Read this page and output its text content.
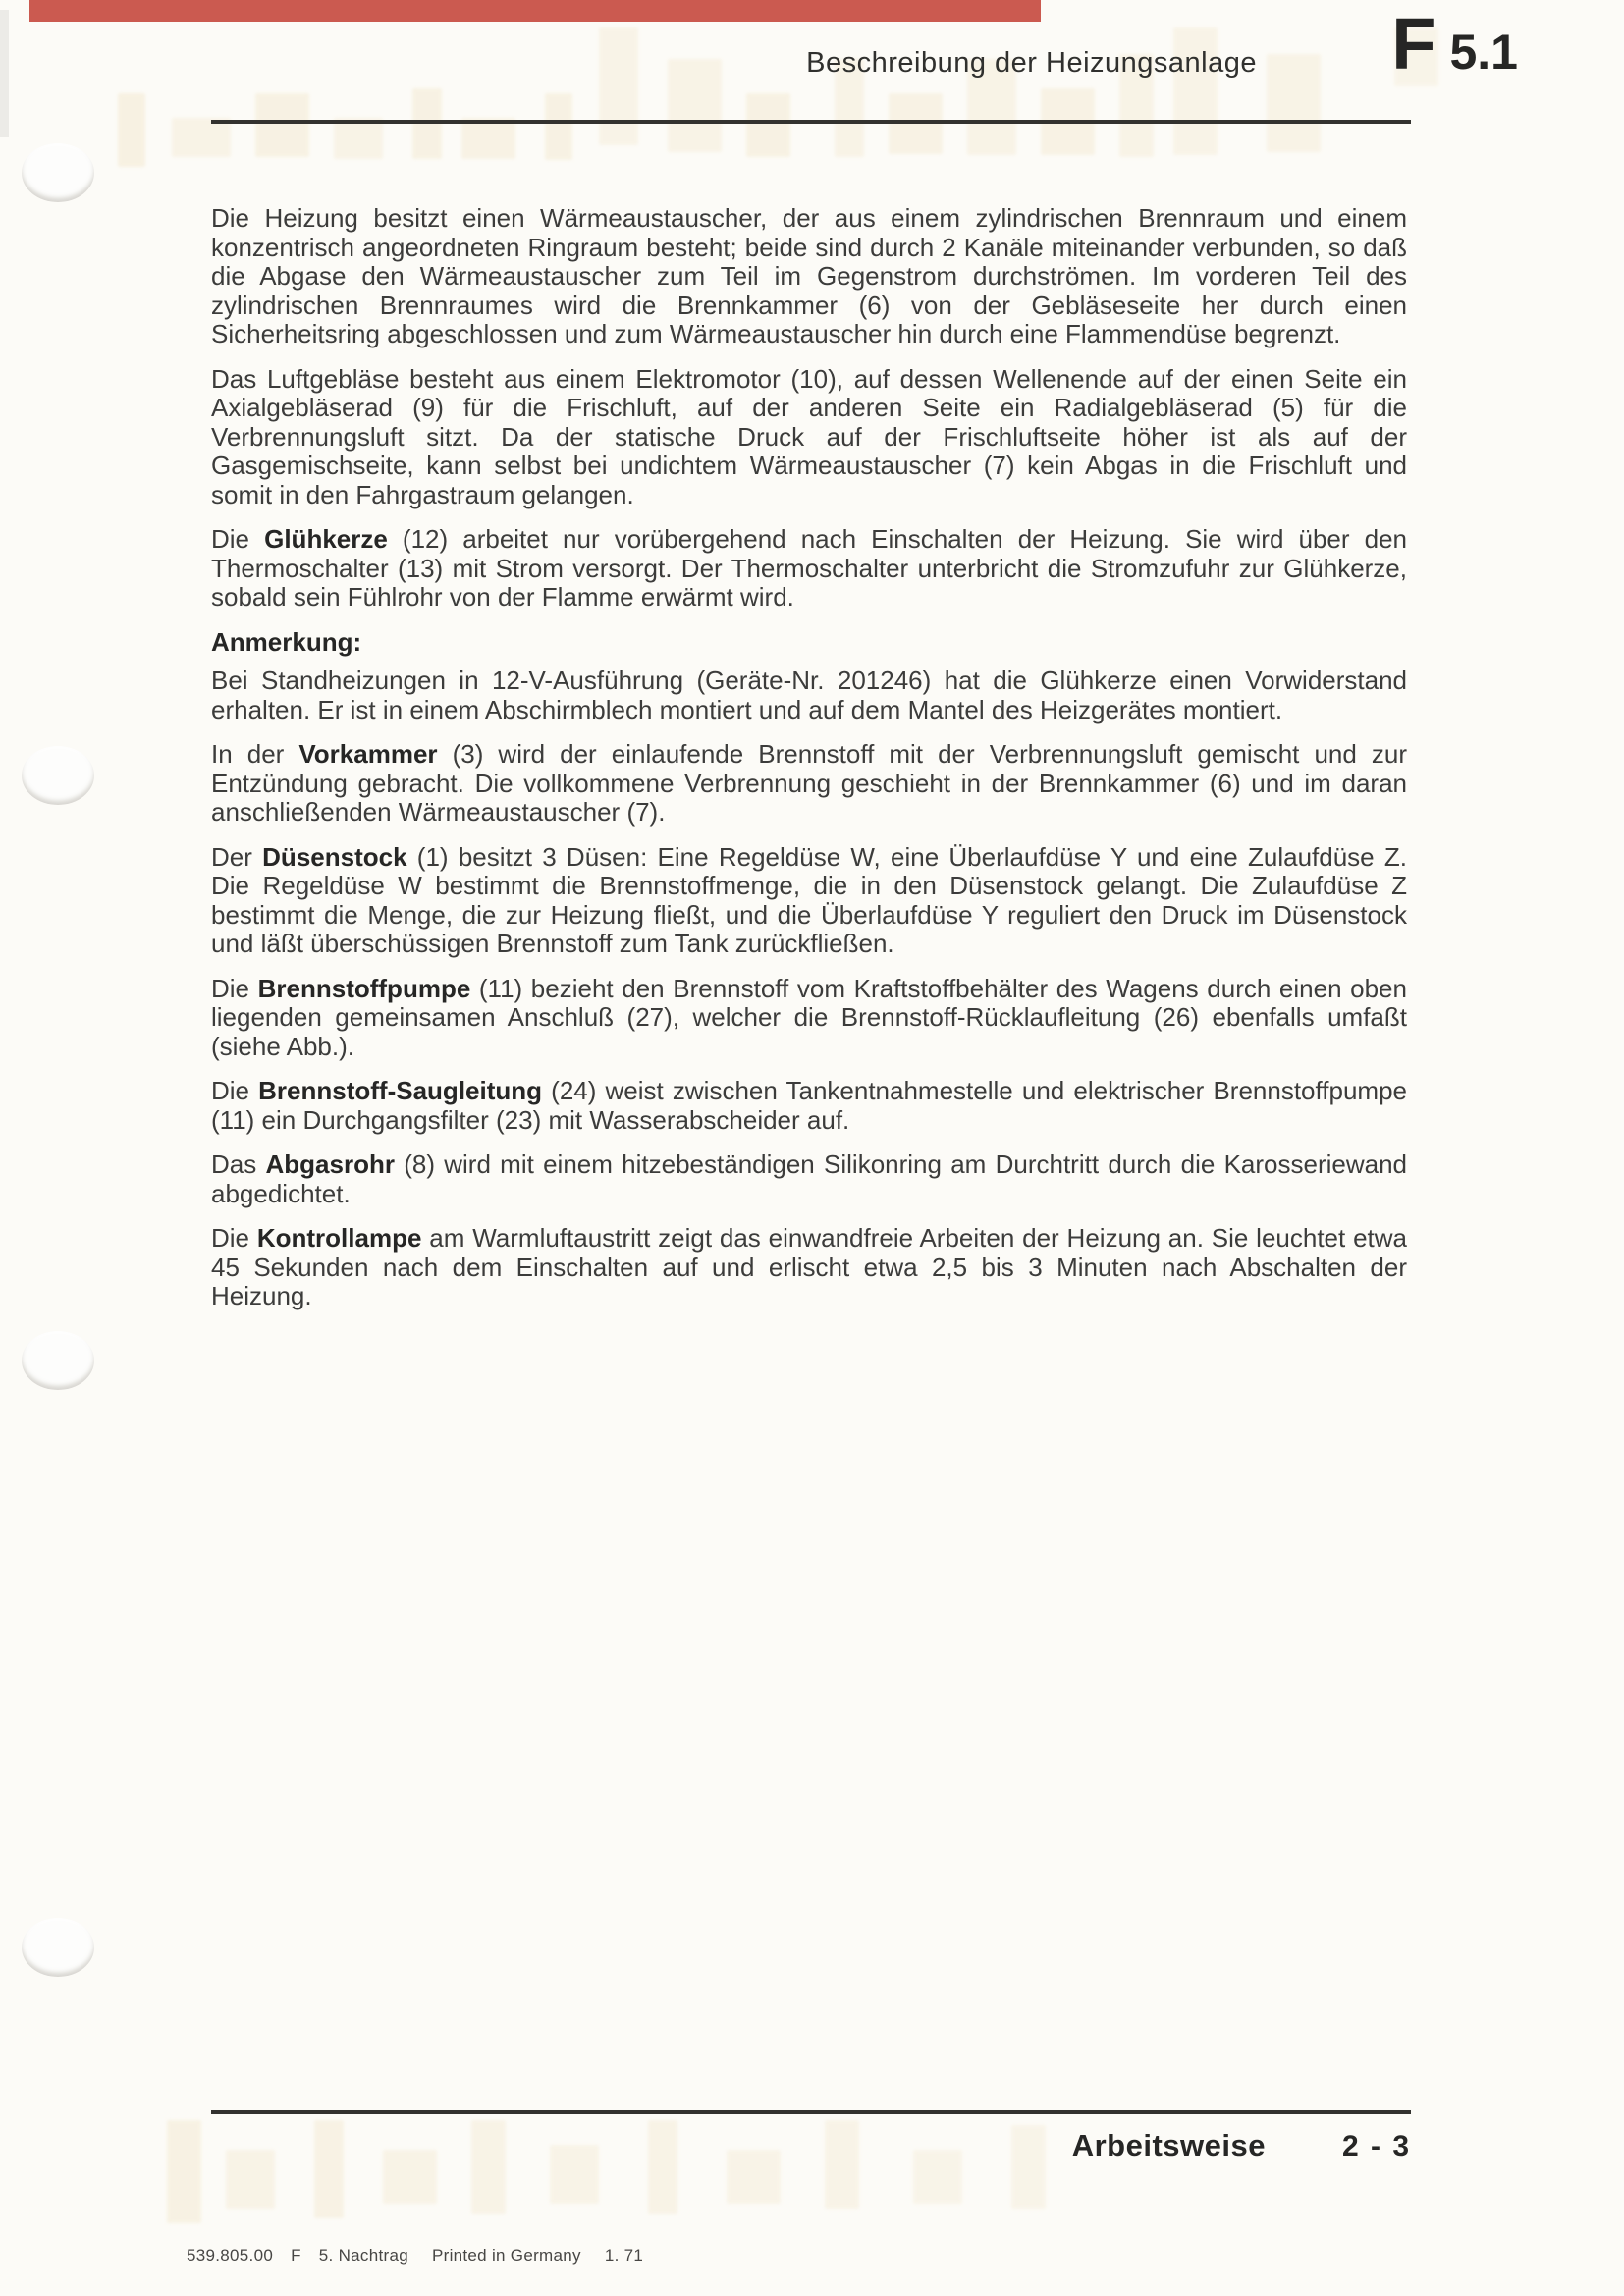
Beschreibung der Heizungsanlage F 5.1

Die Heizung besitzt einen Wärmeaustauscher, der aus einem zylindrischen Brennraum und einem konzentrisch angeordneten Ringraum besteht; beide sind durch 2 Kanäle miteinander verbunden, so daß die Abgase den Wärmeaustauscher zum Teil im Gegenstrom durchströmen. Im vorderen Teil des zylindrischen Brennraumes wird die Brennkammer (6) von der Gebläseseite her durch einen Sicherheitsring abgeschlossen und zum Wärmeaustauscher hin durch eine Flammendüse begrenzt.

Das Luftgebläse besteht aus einem Elektromotor (10), auf dessen Wellenende auf der einen Seite ein Axialgebläserad (9) für die Frischluft, auf der anderen Seite ein Radialgebläserad (5) für die Verbrennungsluft sitzt. Da der statische Druck auf der Frischluftseite höher ist als auf der Gasgemischseite, kann selbst bei undichtem Wärmeaustauscher (7) kein Abgas in die Frischluft und somit in den Fahrgastraum gelangen.

Die Glühkerze (12) arbeitet nur vorübergehend nach Einschalten der Heizung. Sie wird über den Thermoschalter (13) mit Strom versorgt. Der Thermoschalter unterbricht die Stromzufuhr zur Glühkerze, sobald sein Fühlrohr von der Flamme erwärmt wird.

Anmerkung:

Bei Standheizungen in 12-V-Ausführung (Geräte-Nr. 201246) hat die Glühkerze einen Vorwiderstand erhalten. Er ist in einem Abschirmblech montiert und auf dem Mantel des Heizgerätes montiert.

In der Vorkammer (3) wird der einlaufende Brennstoff mit der Verbrennungsluft gemischt und zur Entzündung gebracht. Die vollkommene Verbrennung geschieht in der Brennkammer (6) und im daran anschließenden Wärmeaustauscher (7).

Der Düsenstock (1) besitzt 3 Düsen: Eine Regeldüse W, eine Überlaufdüse Y und eine Zulaufdüse Z. Die Regeldüse W bestimmt die Brennstoffmenge, die in den Düsenstock gelangt. Die Zulaufdüse Z bestimmt die Menge, die zur Heizung fließt, und die Überlaufdüse Y reguliert den Druck im Düsenstock und läßt überschüssigen Brennstoff zum Tank zurückfließen.

Die Brennstoffpumpe (11) bezieht den Brennstoff vom Kraftstoffbehälter des Wagens durch einen oben liegenden gemeinsamen Anschluß (27), welcher die Brennstoff-Rücklaufleitung (26) ebenfalls umfaßt (siehe Abb.).

Die Brennstoff-Saugleitung (24) weist zwischen Tankentnahmestelle und elektrischer Brennstoffpumpe (11) ein Durchgangsfilter (23) mit Wasserabscheider auf.

Das Abgasrohr (8) wird mit einem hitzebeständigen Silikonring am Durchtritt durch die Karosseriewand abgedichtet.

Die Kontrollampe am Warmluftaustritt zeigt das einwandfreie Arbeiten der Heizung an. Sie leuchtet etwa 45 Sekunden nach dem Einschalten auf und erlischt etwa 2,5 bis 3 Minuten nach Abschalten der Heizung.

Arbeitsweise	2 - 3
539.805.00 F 5. Nachtrag Printed in Germany 1. 71
